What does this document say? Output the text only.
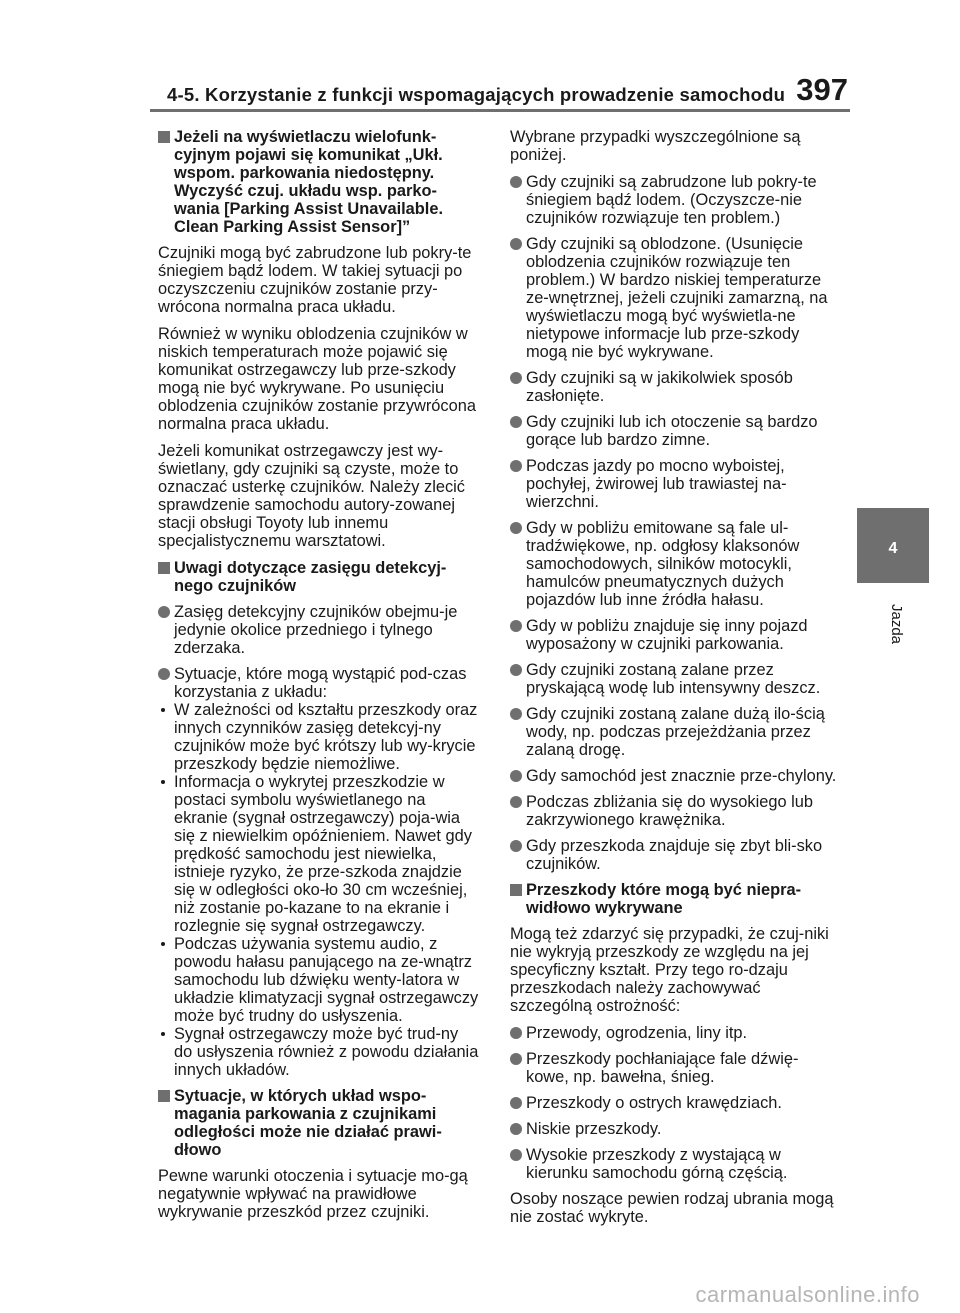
4-5. Korzystanie z funkcji wspomagających prowadzenie samochodu 397
4
Jazda
Jeżeli na wyświetlaczu wielofunk-cyjnym pojawi się komunikat „Ukł. wspom. parkowania niedostępny. Wyczyść czuj. układu wsp. parko-wania [Parking Assist Unavailable. Clean Parking Assist Sensor]”

Czujniki mogą być zabrudzone lub pokry-te śniegiem bądź lodem. W takiej sytuacji po oczyszczeniu czujników zostanie przy-wrócona normalna praca układu.

Również w wyniku oblodzenia czujników w niskich temperaturach może pojawić się komunikat ostrzegawczy lub prze-szkody mogą nie być wykrywane. Po usunięciu oblodzenia czujników zostanie przywrócona normalna praca układu.

Jeżeli komunikat ostrzegawczy jest wy-świetlany, gdy czujniki są czyste, może to oznaczać usterkę czujników. Należy zlecić sprawdzenie samochodu autory-zowanej stacji obsługi Toyoty lub innemu specjalistycznemu warsztatowi.

Uwagi dotyczące zasięgu detekcyj-nego czujników
Zasięg detekcyjny czujników obejmu-je jedynie okolice przedniego i tylnego zderzaka.
Sytuacje, które mogą wystąpić pod-czas korzystania z układu:
W zależności od kształtu przeszkody oraz innych czynników zasięg detekcyj-ny czujników może być krótszy lub wy-krycie przeszkody będzie niemożliwe.
Informacja o wykrytej przeszkodzie w postaci symbolu wyświetlanego na ekranie (sygnał ostrzegawczy) poja-wia się z niewielkim opóźnieniem. Nawet gdy prędkość samochodu jest niewielka, istnieje ryzyko, że prze-szkoda znajdzie się w odległości oko-ło 30 cm wcześniej, niż zostanie po-kazane to na ekranie i rozlegnie się sygnał ostrzegawczy.
Podczas używania systemu audio, z powodu hałasu panującego na ze-wnątrz samochodu lub dźwięku wenty-latora w układzie klimatyzacji sygnał ostrzegawczy może być trudny do usłyszenia.
Sygnał ostrzegawczy może być trud-ny do usłyszenia również z powodu działania innych układów.
Sytuacje, w których układ wspo-magania parkowania z czujnikami odległości może nie działać prawi-dłowo

Pewne warunki otoczenia i sytuacje mo-gą negatywnie wpływać na prawidłowe wykrywanie przeszkód przez czujniki.

Wybrane przypadki wyszczególnione są poniżej.

Gdy czujniki są zabrudzone lub pokry-te śniegiem bądź lodem. (Oczyszcze-nie czujników rozwiązuje ten problem.)
Gdy czujniki są oblodzone. (Usunięcie oblodzenia czujników rozwiązuje ten problem.) W bardzo niskiej temperaturze ze-wnętrznej, jeżeli czujniki zamarzną, na wyświetlaczu mogą być wyświetla-ne nietypowe informacje lub prze-szkody mogą nie być wykrywane.
Gdy czujniki są w jakikolwiek sposób zasłonięte.
Gdy czujniki lub ich otoczenie są bardzo gorące lub bardzo zimne.
Podczas jazdy po mocno wyboistej, pochyłej, żwirowej lub trawiastej na-wierzchni.
Gdy w pobliżu emitowane są fale ul-tradźwiękowe, np. odgłosy klaksonów samochodowych, silników motocykli, hamulców pneumatycznych dużych pojazdów lub inne źródła hałasu.
Gdy w pobliżu znajduje się inny pojazd wyposażony w czujniki parkowania.
Gdy czujniki zostaną zalane przez pryskającą wodę lub intensywny deszcz.
Gdy czujniki zostaną zalane dużą ilo-ścią wody, np. podczas przejeżdżania przez zalaną drogę.
Gdy samochód jest znacznie prze-chylony.
Podczas zbliżania się do wysokiego lub zakrzywionego krawężnika.
Gdy przeszkoda znajduje się zbyt bli-sko czujników.
Przeszkody które mogą być niepra-widłowo wykrywane

Mogą też zdarzyć się przypadki, że czuj-niki nie wykryją przeszkody ze względu na jej specyficzny kształt. Przy tego ro-dzaju przeszkodach należy zachowywać szczególną ostrożność:

Przewody, ogrodzenia, liny itp.
Przeszkody pochłaniające fale dźwię-kowe, np. bawełna, śnieg.
Przeszkody o ostrych krawędziach.
Niskie przeszkody.
Wysokie przeszkody z wystającą w kierunku samochodu górną częścią.

Osoby noszące pewien rodzaj ubrania mogą nie zostać wykryte.

carmanualsonline.info
